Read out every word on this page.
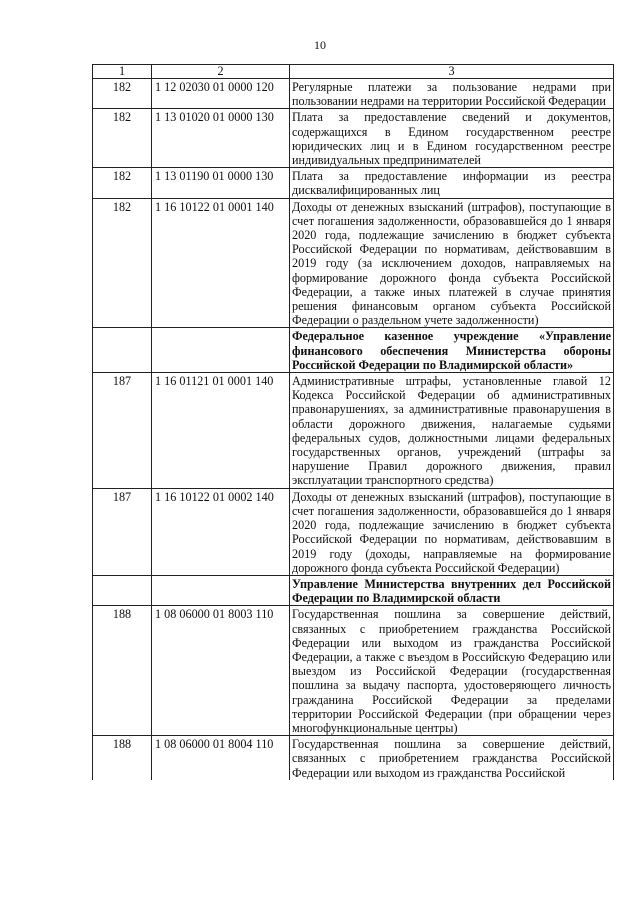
10
1	2	3
182	1 12 02030 01 0000 120	Регулярные платежи за пользование недрами при пользовании недрами на территории Российской Федерации
182	1 13 01020 01 0000 130	Плата за предоставление сведений и документов, содержащихся в Едином государственном реестре юридических лиц и в Едином государственном реестре индивидуальных предпринимателей
182	1 13 01190 01 0000 130	Плата за предоставление информации из реестра дисквалифицированных лиц
182	1 16 10122 01 0001 140	Доходы от денежных взысканий (штрафов), поступающие в счет погашения задолженности, образовавшейся до 1 января 2020 года, подлежащие зачислению в бюджет субъекта Российской Федерации по нормативам, действовавшим в 2019 году (за исключением доходов, направляемых на формирование дорожного фонда субъекта Российской Федерации, а также иных платежей в случае принятия решения финансовым органом субъекта Российской Федерации о раздельном учете задолженности)
		Федеральное казенное учреждение «Управление финансового обеспечения Министерства обороны Российской Федерации по Владимирской области»
187	1 16 01121 01 0001 140	Административные штрафы, установленные главой 12 Кодекса Российской Федерации об административных правонарушениях, за административные правонарушения в области дорожного движения, налагаемые судьями федеральных судов, должностными лицами федеральных государственных органов, учреждений (штрафы за нарушение Правил дорожного движения, правил эксплуатации транспортного средства)
187	1 16 10122 01 0002 140	Доходы от денежных взысканий (штрафов), поступающие в счет погашения задолженности, образовавшейся до 1 января 2020 года, подлежащие зачислению в бюджет субъекта Российской Федерации по нормативам, действовавшим в 2019 году (доходы, направляемые на формирование дорожного фонда субъекта Российской Федерации)
		Управление Министерства внутренних дел Российской Федерации по Владимирской области
188	1 08 06000 01 8003 110	Государственная пошлина за совершение действий, связанных с приобретением гражданства Российской Федерации или выходом из гражданства Российской Федерации, а также с въездом в Российскую Федерацию или выездом из Российской Федерации (государственная пошлина за выдачу паспорта, удостоверяющего личность гражданина Российской Федерации за пределами территории Российской Федерации (при обращении через многофункциональные центры)
188	1 08 06000 01 8004 110	Государственная пошлина за совершение действий, связанных с приобретением гражданства Российской Федерации или выходом из гражданства Российской
